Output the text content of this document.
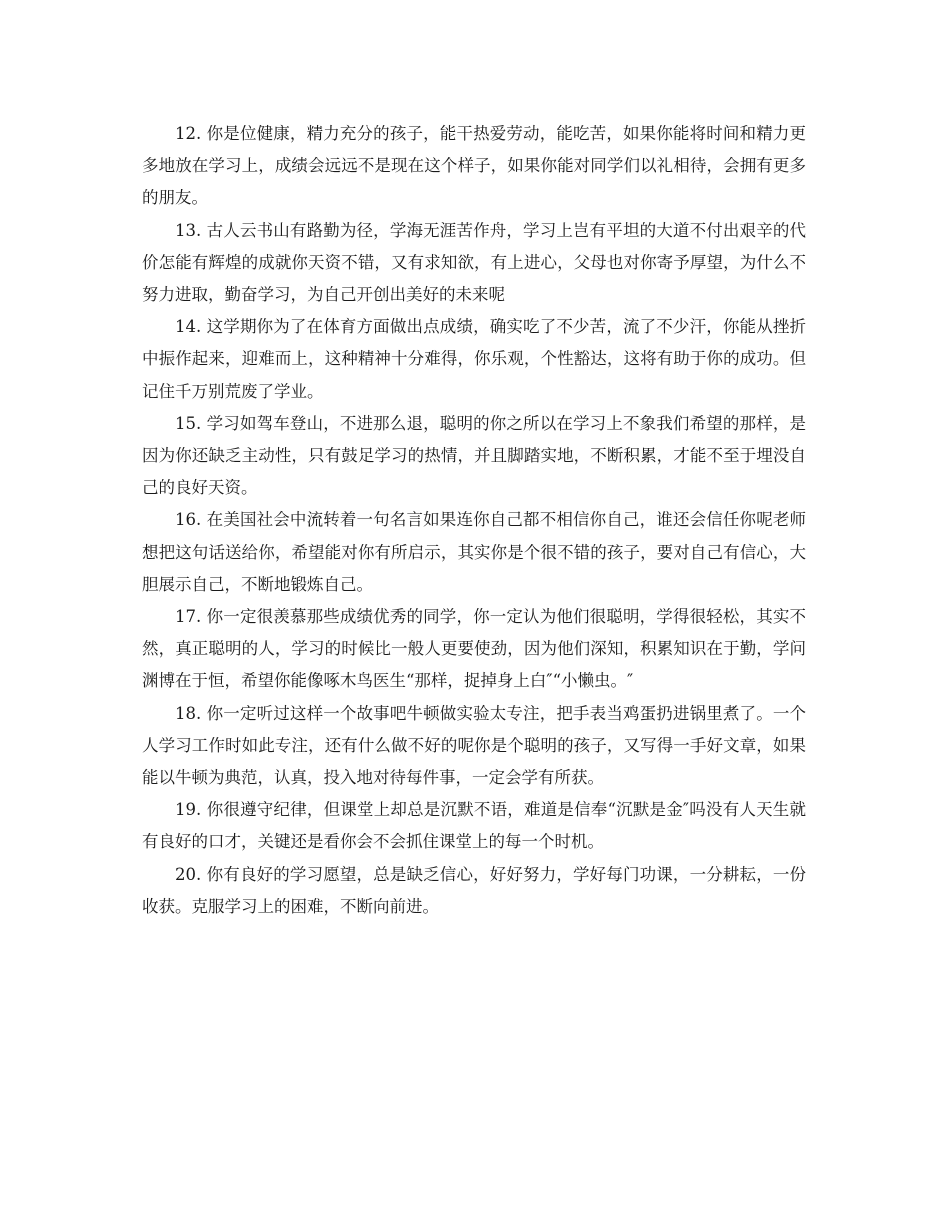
12. 你是位健康，精力充分的孩子，能干热爱劳动，能吃苦，如果你能将时间和精力更多地放在学习上，成绩会远远不是现在这个样子，如果你能对同学们以礼相待，会拥有更多的朋友。

13. 古人云书山有路勤为径，学海无涯苦作舟，学习上岂有平坦的大道不付出艰辛的代价怎能有辉煌的成就你天资不错，又有求知欲，有上进心，父母也对你寄予厚望，为什么不努力进取，勤奋学习，为自己开创出美好的未来呢

14. 这学期你为了在体育方面做出点成绩，确实吃了不少苦，流了不少汗，你能从挫折中振作起来，迎难而上，这种精神十分难得，你乐观，个性豁达，这将有助于你的成功。但记住千万别荒废了学业。

15. 学习如驾车登山，不进那么退，聪明的你之所以在学习上不象我们希望的那样，是因为你还缺乏主动性，只有鼓足学习的热情，并且脚踏实地，不断积累，才能不至于埋没自己的良好天资。

16. 在美国社会中流转着一句名言如果连你自己都不相信你自己，谁还会信任你呢老师想把这句话送给你，希望能对你有所启示，其实你是个很不错的孩子，要对自己有信心，大胆展示自己，不断地锻炼自己。

17. 你一定很羡慕那些成绩优秀的同学，你一定认为他们很聪明，学得很轻松，其实不然，真正聪明的人，学习的时候比一般人更要使劲，因为他们深知，积累知识在于勤，学问渊博在于恒，希望你能像啄木鸟医生“那样，捉掉身上白″“小懒虫。″

18. 你一定听过这样一个故事吧牛顿做实验太专注，把手表当鸡蛋扔进锅里煮了。一个人学习工作时如此专注，还有什么做不好的呢你是个聪明的孩子，又写得一手好文章，如果能以牛顿为典范，认真，投入地对待每件事，一定会学有所获。

19. 你很遵守纪律，但课堂上却总是沉默不语，难道是信奉“沉默是金″吗没有人天生就有良好的口才，关键还是看你会不会抓住课堂上的每一个时机。

20. 你有良好的学习愿望，总是缺乏信心，好好努力，学好每门功课，一分耕耘，一份收获。克服学习上的困难，不断向前进。
